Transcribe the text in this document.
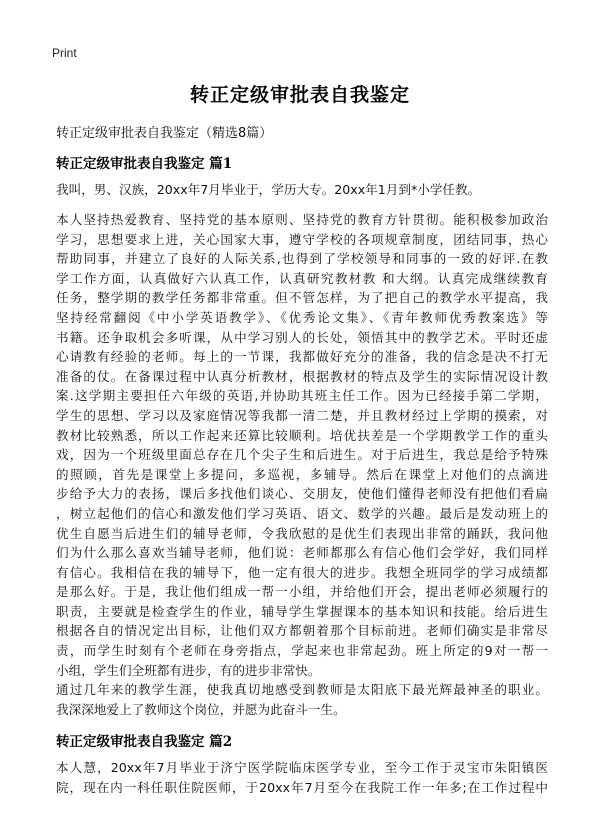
Print
转正定级审批表自我鉴定
转正定级审批表自我鉴定（精选8篇）
转正定级审批表自我鉴定 篇1
我叫，男、汉族，20xx年7月毕业于，学历大专。20xx年1月到*小学任教。
本人坚持热爱教育、坚持党的基本原则、坚持党的教育方针贯彻。能积极参加政治
学习，思想要求上进，关心国家大事，遵守学校的各项规章制度，团结同事，热心
帮助同事，并建立了良好的人际关系,也得到了学校领导和同事的一致的好评.在教
学工作方面，认真做好六认真工作，认真研究教材教 和大纲。认真完成继续教育
任务，整学期的教学任务都非常重。但不管怎样，为了把自己的教学水平提高，我
坚持经常翻阅《中小学英语教学》、《优秀论文集》、《青年教师优秀教案选》等
书籍。还争取机会多听课，从中学习别人的长处，领悟其中的教学艺术。平时还虚
心请教有经验的老师。每上的一节课，我都做好充分的准备，我的信念是决不打无
准备的仗。在备课过程中认真分析教材，根据教材的特点及学生的实际情况设计教
案.这学期主要担任六年级的英语,并协助其班主任工作。因为已经接手第二学期，
学生的思想、学习以及家庭情况等我都一清二楚，并且教材经过上学期的摸索，对
教材比较熟悉，所以工作起来还算比较顺利。培优扶差是一个学期教学工作的重头
戏，因为一个班级里面总存在几个尖子生和后进生。对于后进生，我总是给予特殊
的照顾，首先是课堂上多提问，多巡视，多辅导。然后在课堂上对他们的点滴进
步给予大力的表扬，课后多找他们谈心、交朋友，使他们懂得老师没有把他们看扁
，树立起他们的信心和激发他们学习英语、语文、数学的兴趣。最后是发动班上的
优生自愿当后进生们的辅导老师，令我欣慰的是优生们表现出非常的踊跃，我问他
们为什么那么喜欢当辅导老师，他们说：老师都那么有信心他们会学好，我们同样
有信心。我相信在我的辅导下，他一定有很大的进步。我想全班同学的学习成绩都
是那么好。于是，我让他们组成一帮一小组，并给他们开会，提出老师必须履行的
职责，主要就是检查学生的作业，辅导学生掌握课本的基本知识和技能。给后进生
根据各自的情况定出目标，让他们双方都朝着那个目标前进。老师们确实是非常尽
责，而学生时刻有个老师在身旁指点，学起来也非常起劲。班上所定的9对一帮一
小组，学生们全班都有进步，有的进步非常快。
通过几年来的教学生涯，使我真切地感受到教师是太阳底下最光辉最神圣的职业。
我深深地爱上了教师这个岗位，并愿为此奋斗一生。
转正定级审批表自我鉴定 篇2
本人慧，20xx年7月毕业于济宁医学院临床医学专业，至今工作于灵宝市朱阳镇医
院，现在内一科任职住院医师，于20xx年7月至今在我院工作一年多;在工作过程中
